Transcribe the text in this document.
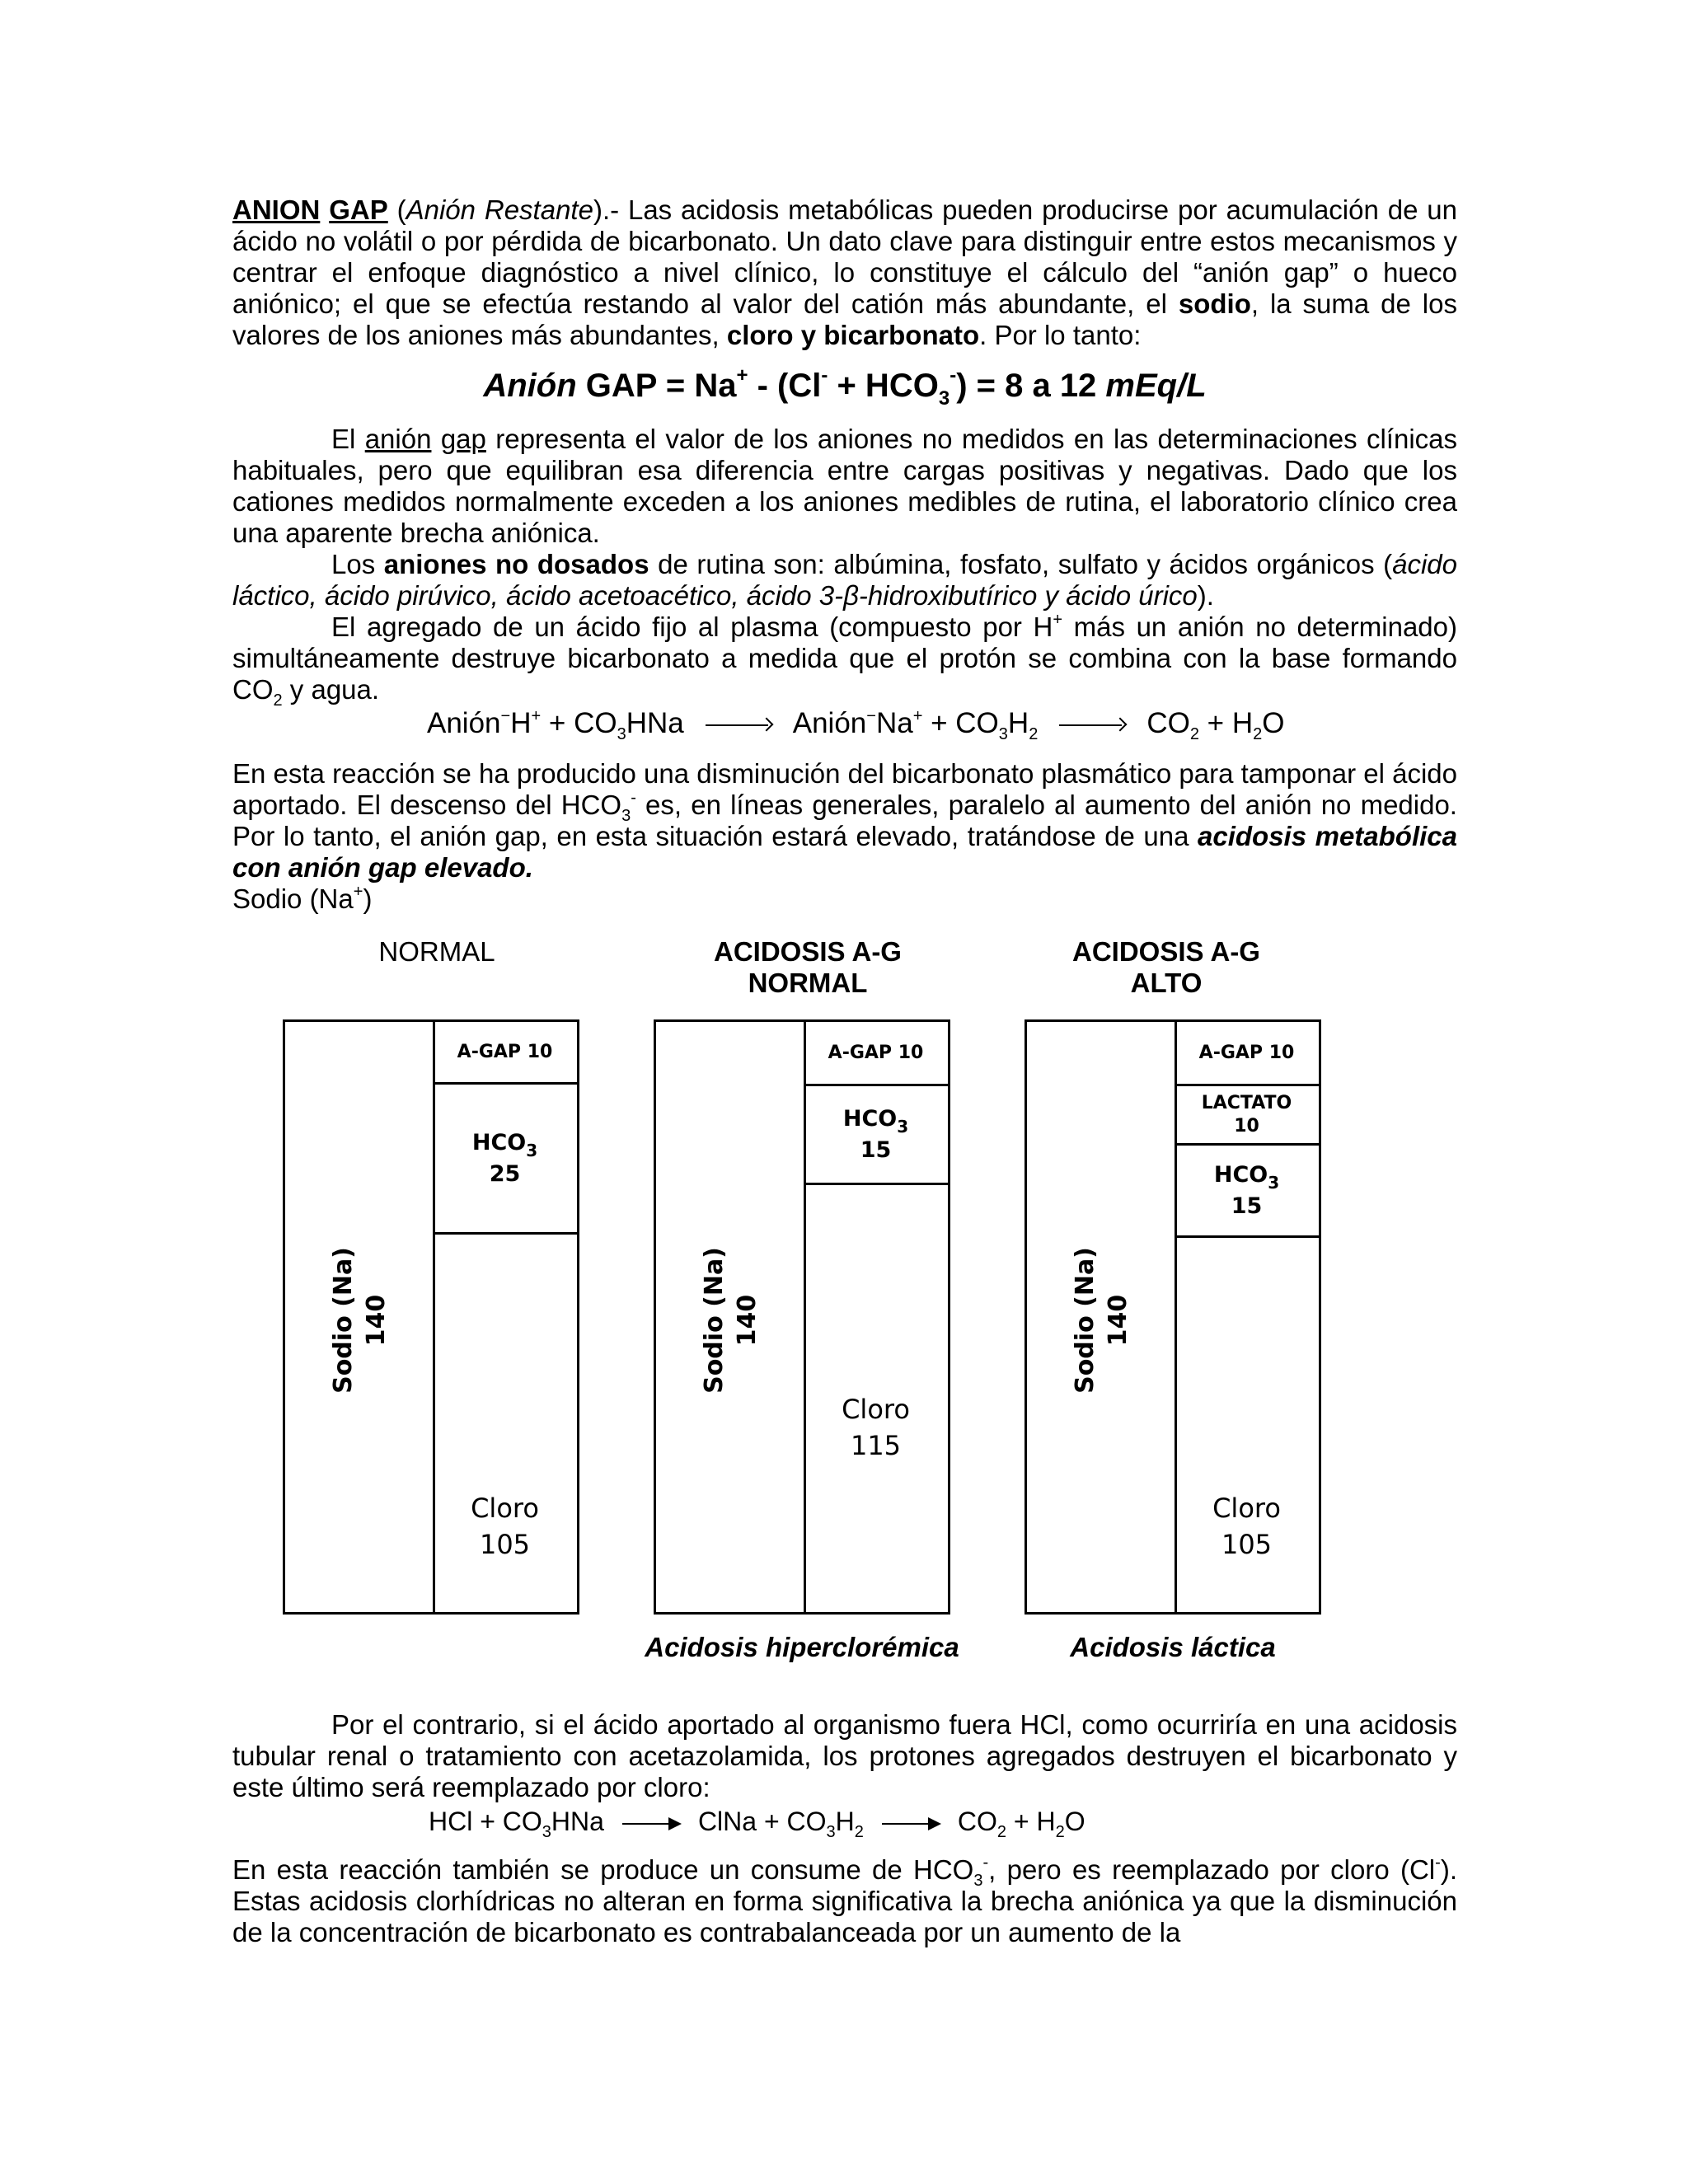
ANION GAP (Anión Restante).- Las acidosis metabólicas pueden producirse por acumulación de un ácido no volátil o por pérdida de bicarbonato. Un dato clave para distinguir entre estos mecanismos y centrar el enfoque diagnóstico a nivel clínico, lo constituye el cálculo del “anión gap” o hueco aniónico; el que se efectúa restando al valor del catión más abundante, el sodio, la suma de los valores de los aniones más abundantes, cloro y bicarbonato. Por lo tanto:

Anión GAP = $Na^+ - (Cl^- + HCO_3^-) = 8$ a 12 mEq/L

El anión gap representa el valor de los aniones no medidos en las determinaciones clínicas habituales, pero que equilibran esa diferencia entre cargas positivas y negativas. Dado que los cationes medidos normalmente exceden a los aniones medibles de rutina, el laboratorio clínico crea una aparente brecha aniónica.

Los aniones no dosados de rutina son: albúmina, fosfato, sulfato y ácidos orgánicos (ácido láctico, ácido pirúvico, ácido acetoacético, ácido 3-β-hidroxibutírico y ácido úrico).

El agregado de un ácido fijo al plasma (compuesto por H+ más un anión no determinado) simultáneamente destruye bicarbonato a medida que el protón se combina con la base formando $CO_2$ y agua.

Anión−H+ + $CO_3HNa$	Anión−Na+ + $CO_3H_2$	$CO_2 + H_2O$

En esta reacción se ha producido una disminución del bicarbonato plasmático para tamponar el ácido aportado. El descenso del $HCO_3^-$ es, en líneas generales, paralelo al aumento del anión no medido. Por lo tanto, el anión gap, en esta situación estará elevado, tratándose de una acidosis metabólica con anión gap elevado.

Sodio (Na+)

NORMAL	ACIDOSIS A-G
NORMAL
ACIDOSIS A-G
ALTO
Sodio (Na) 140
A-GAP 10
$HCO_3$
25
Cloro
105
Sodio (Na) 140
A-GAP 10
$HCO_3$
15
Cloro
115
Sodio (Na) 140
A-GAP 10
LACTATO
10
$HCO_3$
15
Cloro
105
Acidosis hiperclorémica	Acidosis láctica

Por el contrario, si el ácido aportado al organismo fuera HCl, como ocurriría en una acidosis tubular renal o tratamiento con acetazolamida, los protones agregados destruyen el bicarbonato y este último será reemplazado por cloro:

HCl + $CO_3HNa$	ClNa + $CO_3H_2$	$CO_2 + H_2O$

En esta reacción también se produce un consume de $HCO_3^-$, pero es reemplazado por cloro (Cl-). Estas acidosis clorhídricas no alteran en forma significativa la brecha aniónica ya que la disminución de la concentración de bicarbonato es contrabalanceada por un aumento de la
